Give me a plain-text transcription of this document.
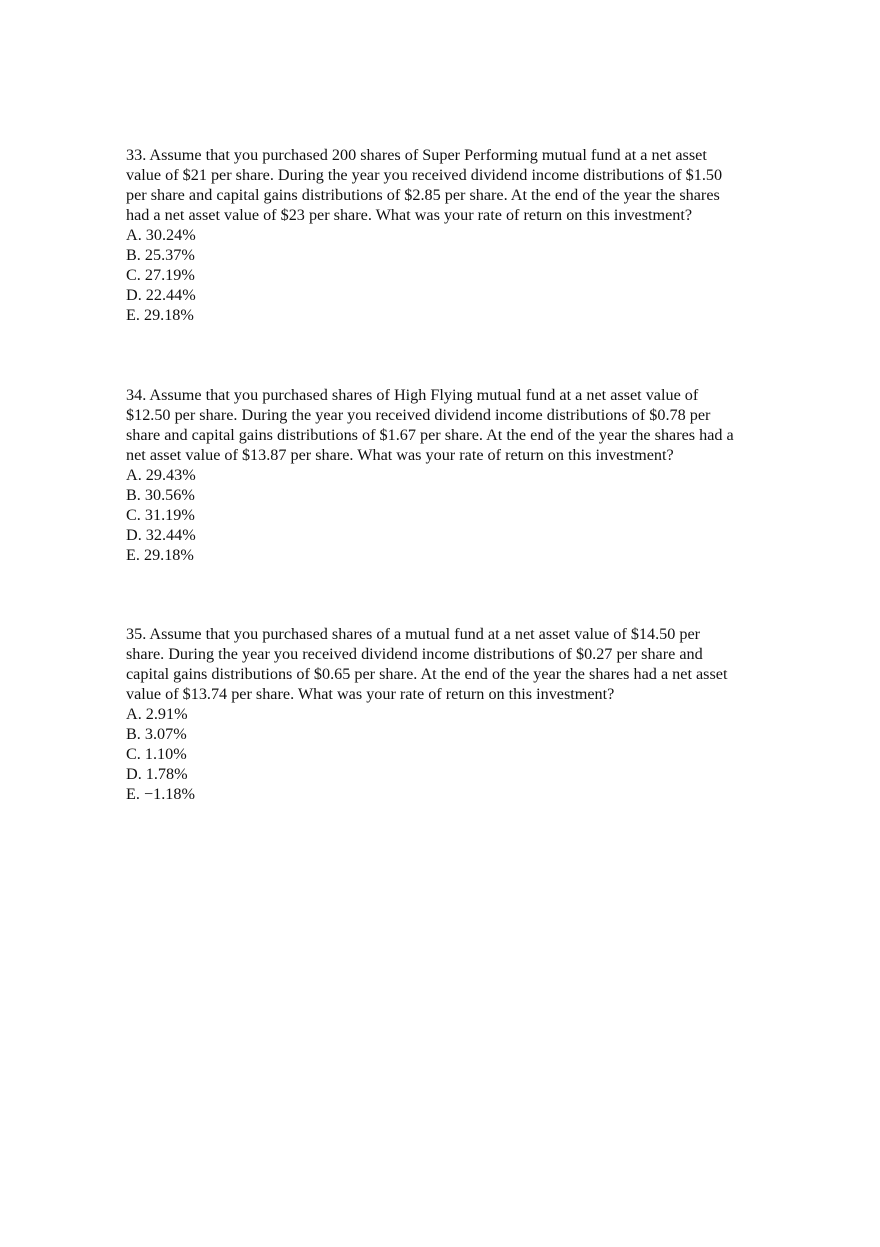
33. Assume that you purchased 200 shares of Super Performing mutual fund at a net asset
value of $21 per share. During the year you received dividend income distributions of $1.50
per share and capital gains distributions of $2.85 per share. At the end of the year the shares
had a net asset value of $23 per share. What was your rate of return on this investment?

A. 30.24%
B. 25.37%
C. 27.19%
D. 22.44%
E. 29.18%

34. Assume that you purchased shares of High Flying mutual fund at a net asset value of
$12.50 per share. During the year you received dividend income distributions of $0.78 per
share and capital gains distributions of $1.67 per share. At the end of the year the shares had a
net asset value of $13.87 per share. What was your rate of return on this investment?

A. 29.43%
B. 30.56%
C. 31.19%
D. 32.44%
E. 29.18%

35. Assume that you purchased shares of a mutual fund at a net asset value of $14.50 per
share. During the year you received dividend income distributions of $0.27 per share and
capital gains distributions of $0.65 per share. At the end of the year the shares had a net asset
value of $13.74 per share. What was your rate of return on this investment?

A. 2.91%
B. 3.07%
C. 1.10%
D. 1.78%
E. −1.18%
